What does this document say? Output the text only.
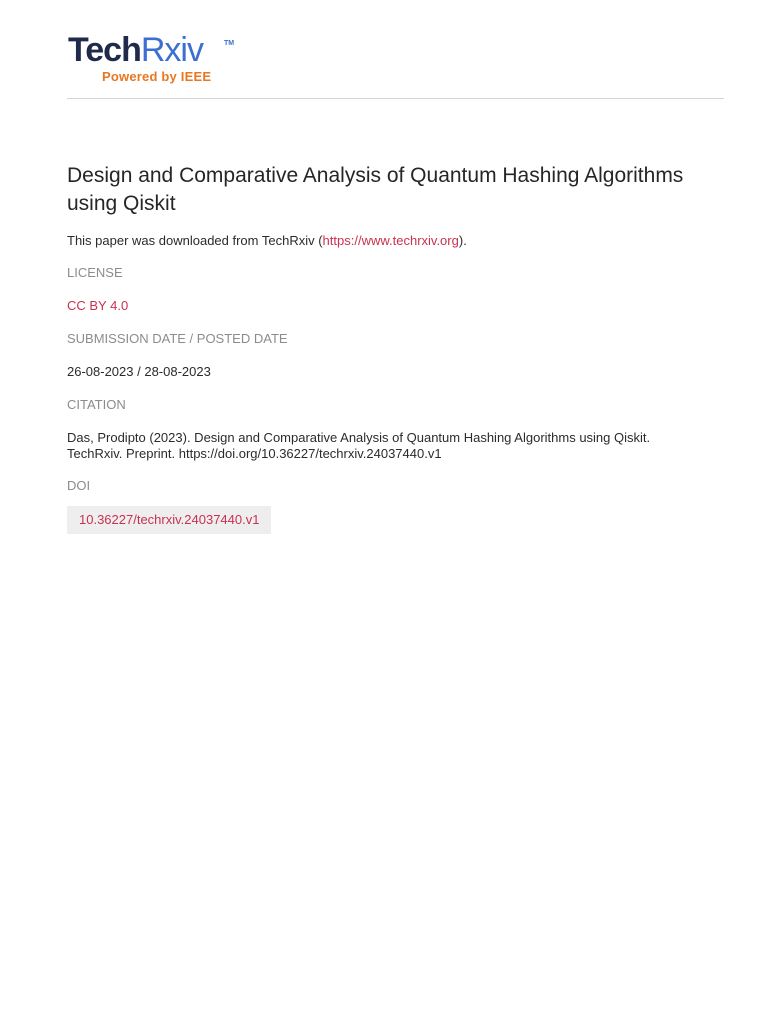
TechRxiv	TM
Powered by IEEE
Design and Comparative Analysis of Quantum Hashing Algorithms using Qiskit
This paper was downloaded from TechRxiv (https://www.techrxiv.org).
LICENSE
CC BY 4.0
SUBMISSION DATE / POSTED DATE
26-08-2023 / 28-08-2023
CITATION
Das, Prodipto (2023). Design and Comparative Analysis of Quantum Hashing Algorithms using Qiskit. TechRxiv. Preprint. https://doi.org/10.36227/techrxiv.24037440.v1
DOI
10.36227/techrxiv.24037440.v1
